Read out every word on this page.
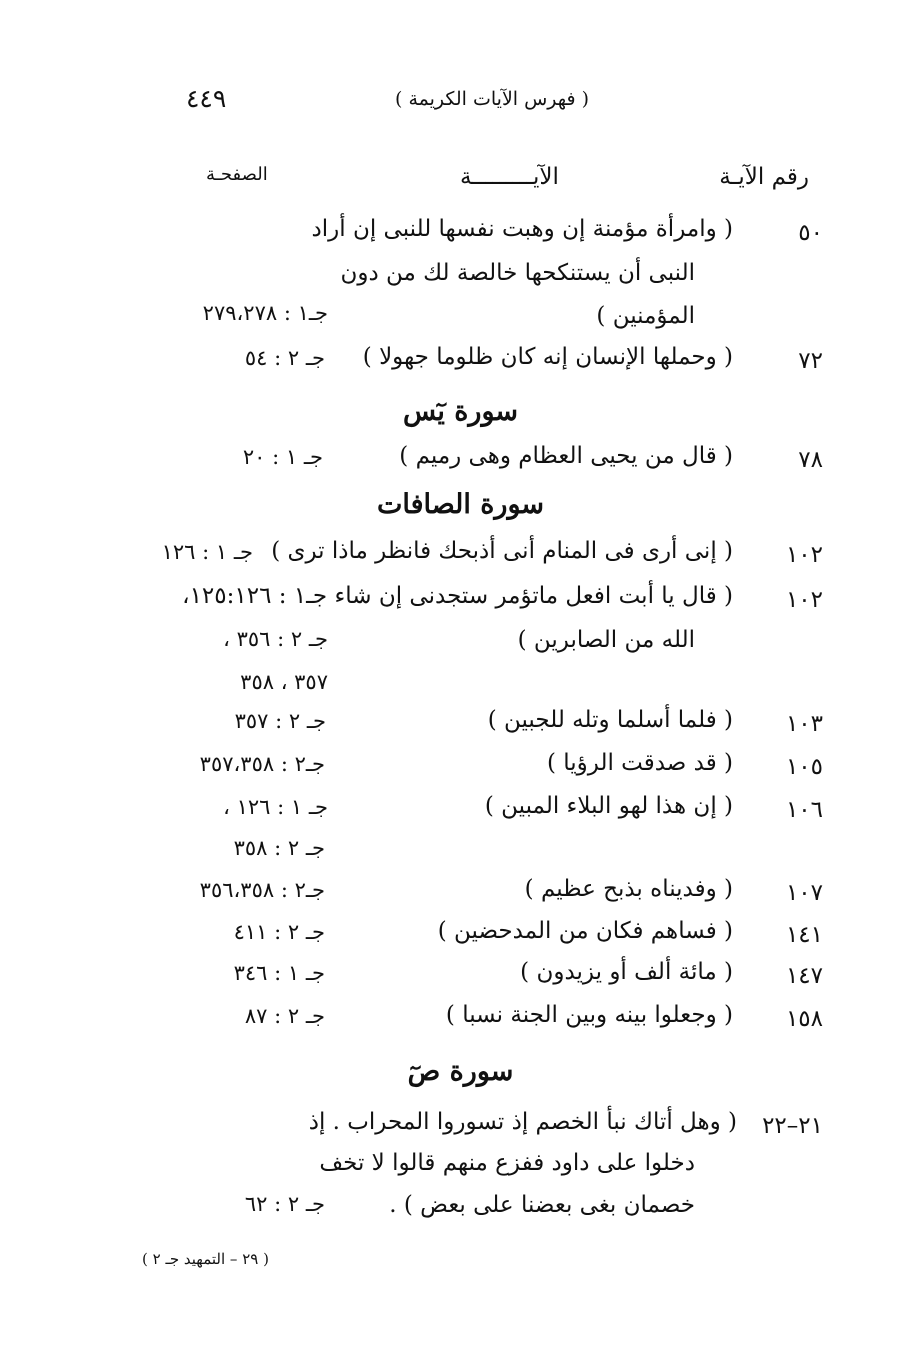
٤٤٩	( فهرس الآيات الكريمة )
رقم الآيـة
الآيـــــــــة
الصفحـة
٥٠
( وامرأة مؤمنة إن وهبت نفسها للنبى إن أراد
النبى أن يستنكحها خالصة لك من دون
المؤمنين )
جـ١ : ٢٧٩،٢٧٨
٧٢
( وحملها الإنسان إنه كان ظلوما جهولا )
جـ ٢ : ٥٤
سورة يٓس
٧٨
( قال من يحيى العظام وهى رميم )
جـ ١ : ٢٠
سورة الصافات
١٠٢
( إنى أرى فى المنام أنى أذبحك فانظر ماذا ترى )
جـ ١ : ١٢٦
١٠٢
( قال يا أبت افعل ماتؤمر ستجدنى إن شاء جـ١ : ١٢٥:١٢٦،
الله من الصابرين )
جـ ٢ : ٣٥٦ ،
٣٥٧ ، ٣٥٨
١٠٣
( فلما أسلما وتله للجبين )
جـ ٢ : ٣٥٧
١٠٥
( قد صدقت الرؤيا )
جـ٢ : ٣٥٧،٣٥٨
١٠٦
( إن هذا لهو البلاء المبين )
جـ ١ : ١٢٦ ،
جـ ٢ : ٣٥٨
١٠٧
( وفديناه بذبح عظيم )
جـ٢ : ٣٥٦،٣٥٨
١٤١
( فساهم فكان من المدحضين )
جـ ٢ : ٤١١
١٤٧
( مائة ألف أو يزيدون )
جـ ١ : ٣٤٦
١٥٨
( وجعلوا بينه وبين الجنة نسبا )
جـ ٢ : ٨٧
سورة صٓ
٢١–٢٢
( وهل أتاك نبأ الخصم إذ تسوروا المحراب . إذ
دخلوا على داود ففزع منهم قالوا لا تخف
خصمان بغى بعضنا على بعض ) .
جـ ٢ : ٦٢
( ٢٩ – التمهيد جـ ٢ )
